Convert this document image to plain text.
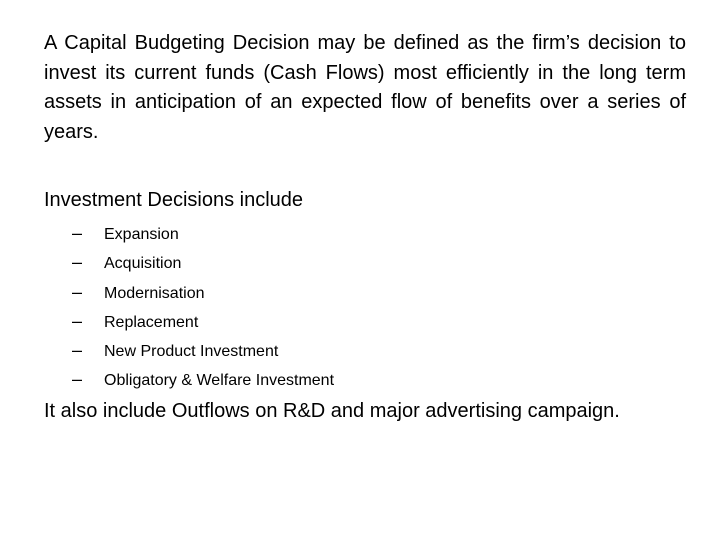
A Capital Budgeting Decision may be defined as the firm’s decision to invest its current funds (Cash Flows) most efficiently in the long term assets in anticipation of an expected flow of benefits over a series of years.

Investment Decisions include

– Expansion
– Acquisition
– Modernisation
– Replacement
– New Product Investment
– Obligatory & Welfare Investment

It also include Outflows on R&D and major advertising campaign.
